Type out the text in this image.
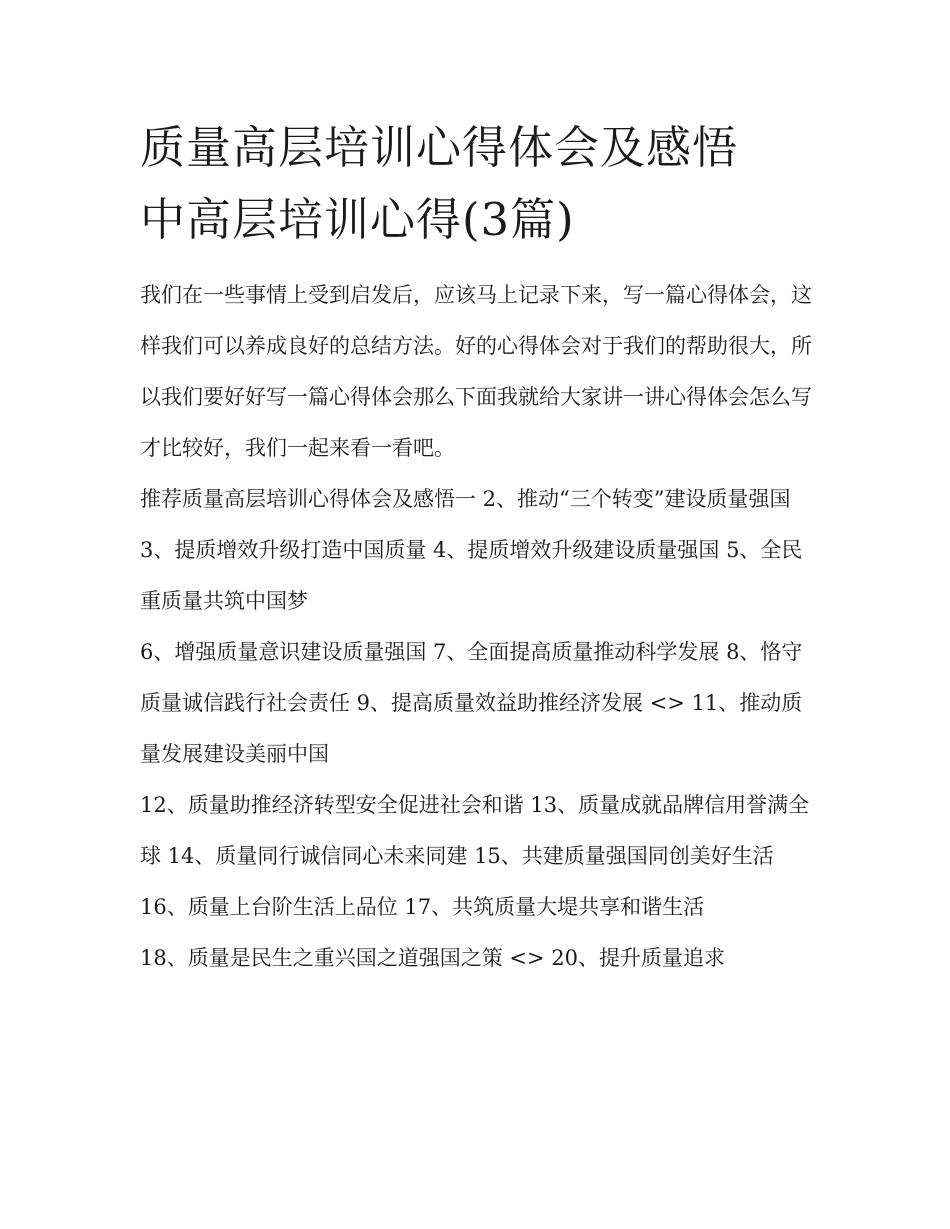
质量高层培训心得体会及感悟
中高层培训心得(3篇)

我们在一些事情上受到启发后，应该马上记录下来，写一篇心得体会，这样我们可以养成良好的总结方法。好的心得体会对于我们的帮助很大，所以我们要好好写一篇心得体会那么下面我就给大家讲一讲心得体会怎么写才比较好，我们一起来看一看吧。

推荐质量高层培训心得体会及感悟一 2、推动“三个转变”建设质量强国 3、提质增效升级打造中国质量 4、提质增效升级建设质量强国 5、全民重质量共筑中国梦

6、增强质量意识建设质量强国 7、全面提高质量推动科学发展 8、恪守质量诚信践行社会责任 9、提高质量效益助推经济发展 <> 11、推动质量发展建设美丽中国

12、质量助推经济转型安全促进社会和谐 13、质量成就品牌信用誉满全球 14、质量同行诚信同心未来同建 15、共建质量强国同创美好生活

16、质量上台阶生活上品位 17、共筑质量大堤共享和谐生活

18、质量是民生之重兴国之道强国之策 <> 20、提升质量追求
